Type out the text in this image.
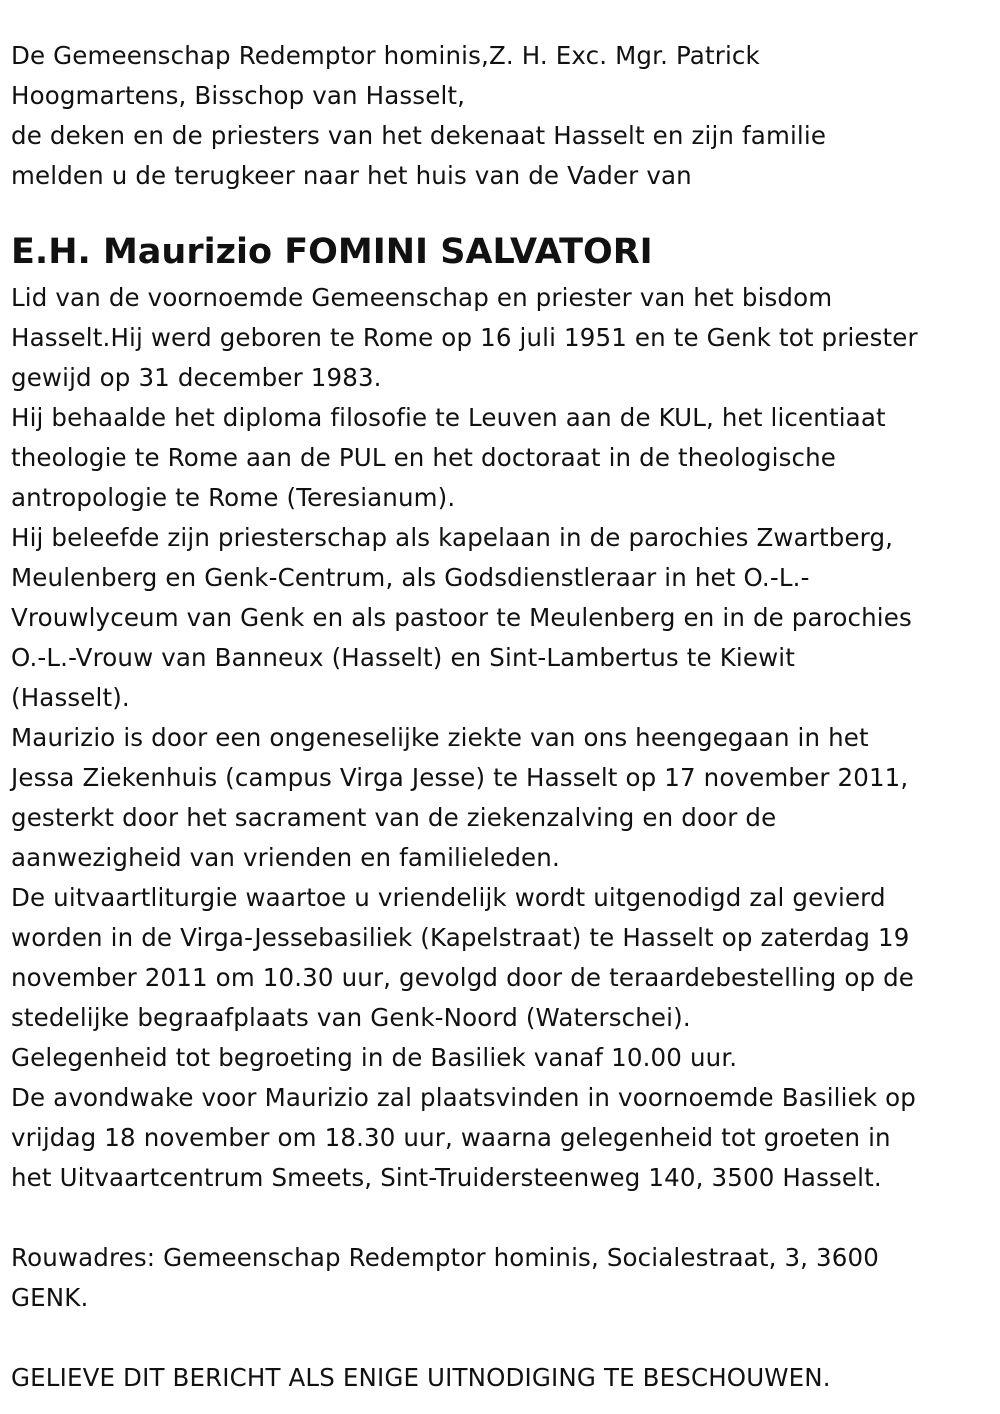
De Gemeenschap Redemptor hominis,Z. H. Exc. Mgr. Patrick
Hoogmartens, Bisschop van Hasselt,
de deken en de priesters van het dekenaat Hasselt en zijn familie
melden u de terugkeer naar het huis van de Vader van
E.H. Maurizio FOMINI SALVATORI
Lid van de voornoemde Gemeenschap en priester van het bisdom
Hasselt.Hij werd geboren te Rome op 16 juli 1951 en te Genk tot priester
gewijd op 31 december 1983.
Hij behaalde het diploma filosofie te Leuven aan de KUL, het licentiaat
theologie te Rome aan de PUL en het doctoraat in de theologische
antropologie te Rome (Teresianum).
Hij beleefde zijn priesterschap als kapelaan in de parochies Zwartberg,
Meulenberg en Genk-Centrum, als Godsdienstleraar in het O.-L.-
Vrouwlyceum van Genk en als pastoor te Meulenberg en in de parochies
O.-L.-Vrouw van Banneux (Hasselt) en Sint-Lambertus te Kiewit
(Hasselt).
Maurizio is door een ongeneselijke ziekte van ons heengegaan in het
Jessa Ziekenhuis (campus Virga Jesse) te Hasselt op 17 november 2011,
gesterkt door het sacrament van de ziekenzalving en door de
aanwezigheid van vrienden en familieleden.
De uitvaartliturgie waartoe u vriendelijk wordt uitgenodigd zal gevierd
worden in de Virga-Jessebasiliek (Kapelstraat) te Hasselt op zaterdag 19
november 2011 om 10.30 uur, gevolgd door de teraardebestelling op de
stedelijke begraafplaats van Genk-Noord (Waterschei).
Gelegenheid tot begroeting in de Basiliek vanaf 10.00 uur.
De avondwake voor Maurizio zal plaatsvinden in voornoemde Basiliek op
vrijdag 18 november om 18.30 uur, waarna gelegenheid tot groeten in
het Uitvaartcentrum Smeets, Sint-Truidersteenweg 140, 3500 Hasselt.
Rouwadres: Gemeenschap Redemptor hominis, Socialestraat, 3, 3600
GENK.
GELIEVE DIT BERICHT ALS ENIGE UITNODIGING TE BESCHOUWEN.
